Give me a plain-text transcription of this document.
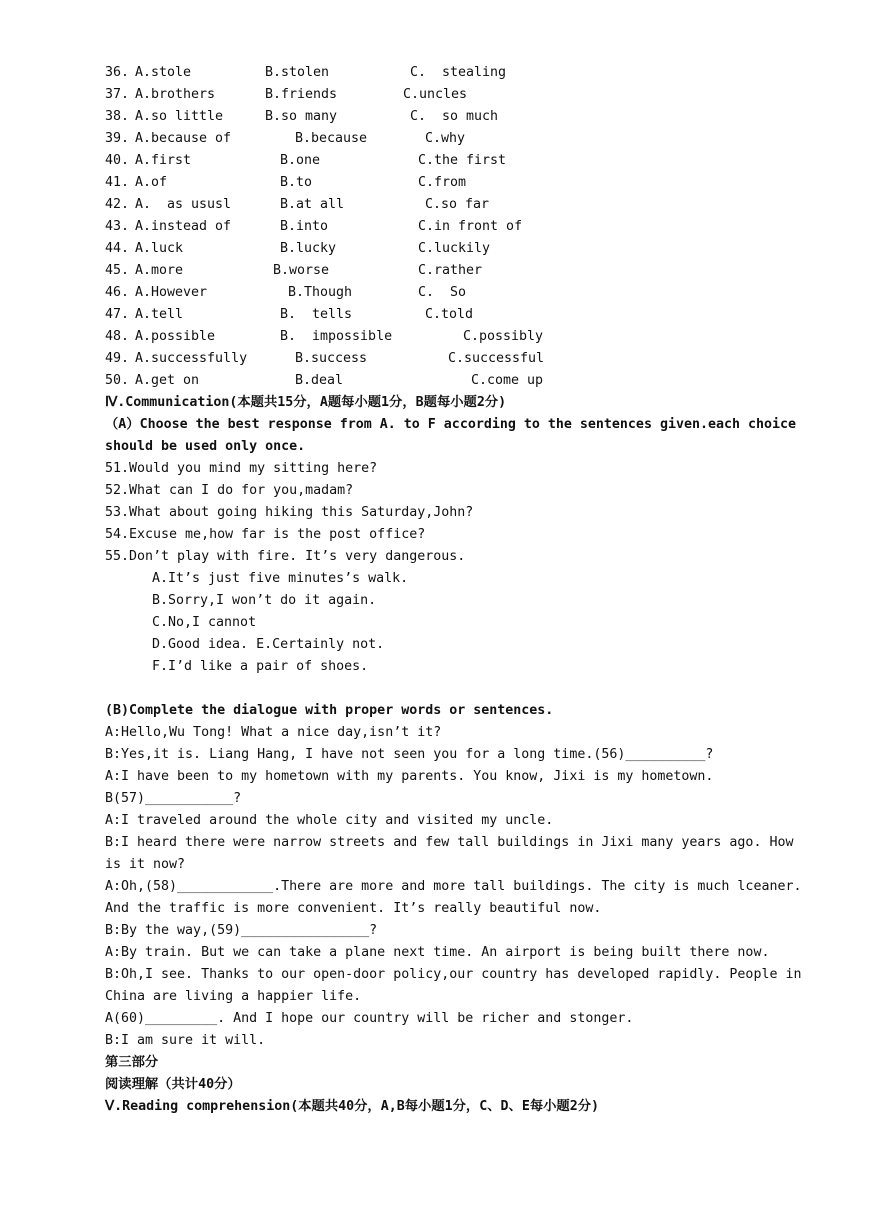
36. A.stole	B.stolen	C.  stealing
37. A.brothers	B.friends	C.uncles
38. A.so little	B.so many	C.  so much
39. A.because of	B.because	C.why
40. A.first	B.one	C.the first
41. A.of	B.to	C.from
42. A.  as ususl	B.at all	C.so far
43. A.instead of	B.into	C.in front of
44. A.luck	B.lucky	C.luckily
45. A.more	B.worse	C.rather
46. A.However	B.Though	C.  So
47. A.tell	B.  tells	C.told
48. A.possible	B.  impossible	C.possibly
49. A.successfully	B.success	C.successful
50. A.get on	B.deal	C.come up
Ⅳ.Communication(本题共15分，A题每小题1分，B题每小题2分)
（A）Choose the best response from A. to F according to the sentences given.each choice should be used only once.
51.Would you mind my sitting here?
52.What can I do for you,madam?
53.What about going hiking this Saturday,John?
54.Excuse me,how far is the post office?
55.Don’t play with fire. It’s very dangerous.
A.It’s just five minutes’s walk.
B.Sorry,I won’t do it again.
C.No,I cannot
D.Good idea. E.Certainly not.
F.I’d like a pair of shoes.
(B)Complete the dialogue with proper words or sentences.
A:Hello,Wu Tong! What a nice day,isn’t it?
B:Yes,it is. Liang Hang, I have not seen you for a long time.(56)__________?
A:I have been to my hometown with my parents. You know, Jixi is my hometown.
B(57)___________?
A:I traveled around the whole city and visited my uncle.
B:I heard there were narrow streets and few tall buildings in Jixi many years ago. How is it now?
A:Oh,(58)____________.There are more and more tall buildings. The city is much lceaner. And the traffic is more convenient. It’s really beautiful now.
B:By the way,(59)________________?
A:By train. But we can take a plane next time. An airport is being built there now.
B:Oh,I see. Thanks to our open-door policy,our country has developed rapidly. People in China are living a happier life.
A(60)_________. And I hope our country will be richer and stonger.
B:I am sure it will.
第三部分
阅读理解（共计40分）
Ⅴ.Reading comprehension(本题共40分，A,B每小题1分，C、D、E每小题2分)
